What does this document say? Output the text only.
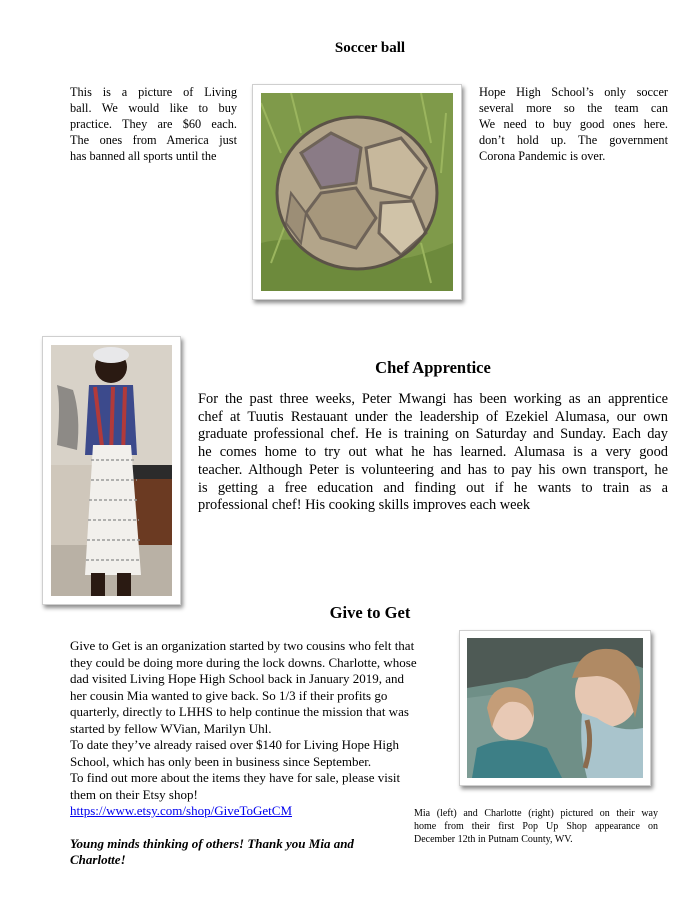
Soccer ball
This is a picture of Living
ball. We would like to buy
practice. They are $60 each.
The ones from America just
has banned all sports until the
Hope High School’s only soccer
several more so the team can
We need to buy good ones here.
don’t hold up. The government
Corona Pandemic is over.
Chef Apprentice
For the past three weeks, Peter Mwangi has been working as an apprentice
chef at Tuutis Restauant under the leadership of Ezekiel Alumasa, our own
graduate professional chef. He is training on Saturday and Sunday. Each day
he comes home to try out what he has learned. Alumasa is a very good
teacher. Although Peter is volunteering and has to pay his own transport, he
is getting a free education and finding out if he wants to train as a
professional chef! His cooking skills improves each week
Give to Get
Give to Get is an organization started by two cousins who felt that
they could be doing more during the lock downs. Charlotte, whose
dad visited Living Hope High School back in January 2019, and
her cousin Mia wanted to give back. So 1/3 if their profits go
quarterly, directly to LHHS to help continue the mission that was
started by fellow WVian, Marilyn Uhl.
To date they’ve already raised over $140 for Living Hope High
School, which has only been in business since September.
To find out more about the items they have for sale, please visit
them on their Etsy shop!
https://www.etsy.com/shop/GiveToGetCM
Young minds thinking of others! Thank you Mia and
Charlotte!
Mia (left) and Charlotte (right) pictured on their way
home from their first Pop Up Shop appearance on
December 12th in Putnam County, WV.
